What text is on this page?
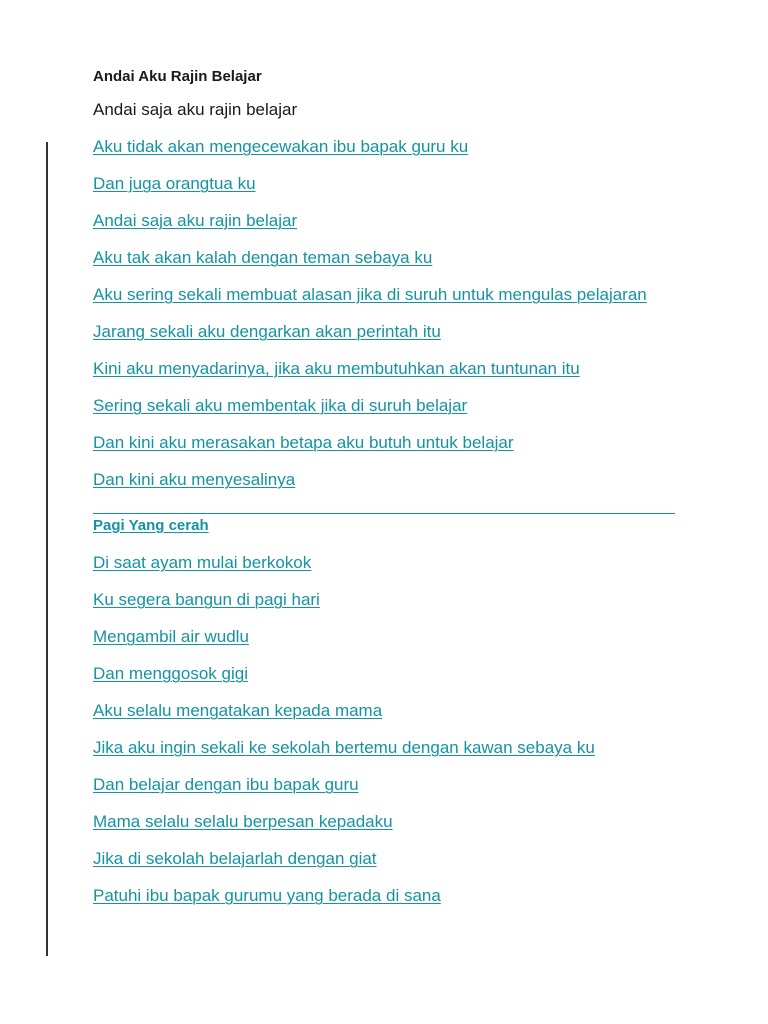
Andai Aku Rajin Belajar

Andai saja aku rajin belajar

Aku tidak akan mengecewakan ibu bapak guru ku
Dan juga orangtua ku
Andai saja aku rajin belajar
Aku tak akan kalah dengan teman sebaya ku
Aku sering sekali membuat alasan jika di suruh untuk mengulas pelajaran
Jarang sekali aku dengarkan akan perintah itu
Kini aku menyadarinya, jika aku membutuhkan akan tuntunan itu
Sering sekali aku membentak jika di suruh belajar
Dan kini aku merasakan betapa aku butuh untuk belajar
Dan kini aku menyesalinya
Pagi Yang cerah
Di saat ayam mulai berkokok
Ku segera bangun di pagi hari
Mengambil air wudlu
Dan menggosok gigi
Aku selalu mengatakan kepada mama
Jika aku ingin sekali ke sekolah bertemu dengan kawan sebaya ku
Dan belajar dengan ibu bapak guru
Mama selalu selalu berpesan kepadaku
Jika di sekolah belajarlah dengan giat
Patuhi ibu bapak gurumu yang berada di sana
